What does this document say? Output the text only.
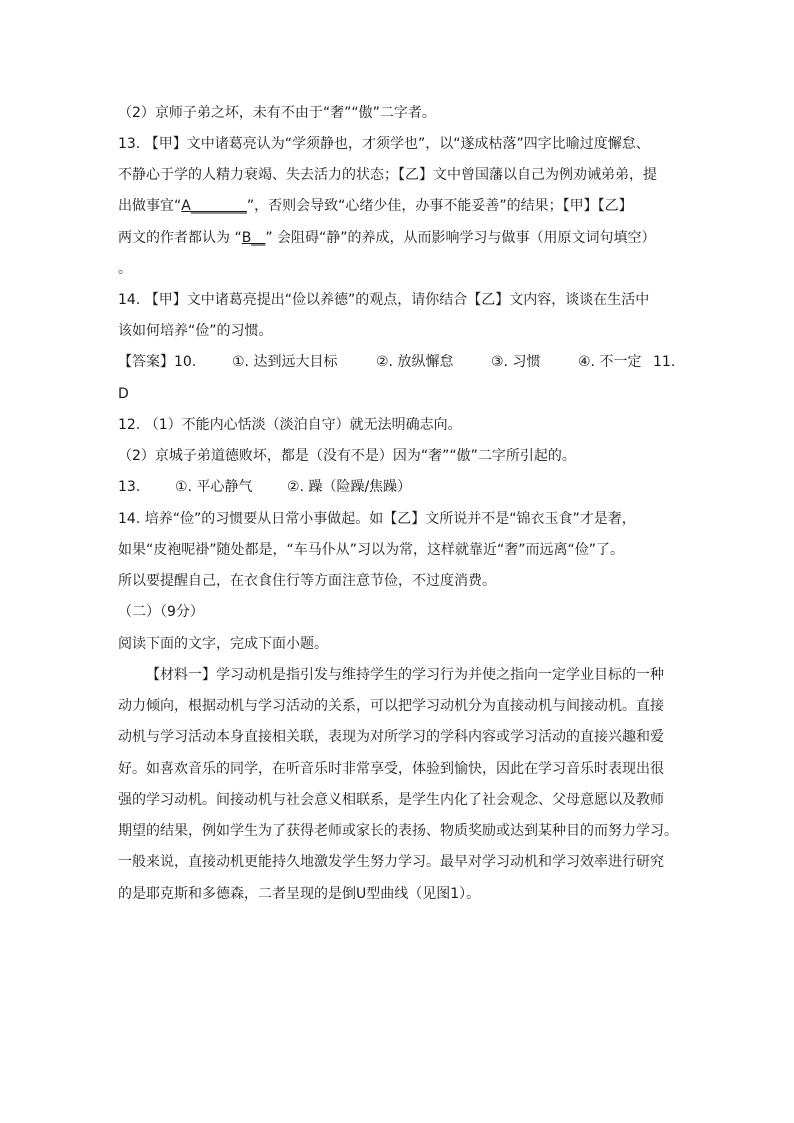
（2）京师子弟之坏，未有不由于“奢”“傲”二字者。
13. 【甲】文中诸葛亮认为“学须静也，才须学也”，以“遂成枯落”四字比喻过度懈怠、
不静心于学的人精力衰竭、失去活力的状态；【乙】文中曾国藩以自己为例劝诫弟弟，提
出做事宜“A________”，否则会导致“心绪少佳，办事不能妥善”的结果；【甲】【乙】
两文的作者都认为 “B__” 会阻碍“静”的养成，从而影响学习与做事（用原文词句填空）
。
14. 【甲】文中诸葛亮提出“俭以养德”的观点，请你结合【乙】文内容，谈谈在生活中
该如何培养“俭”的习惯。
【答案】10.	①. 达到远大目标	②. 放纵懈怠	③. 习惯	④. 不一定 11.
D
12. （1）不能内心恬淡（淡泊自守）就无法明确志向。
（2）京城子弟道德败坏，都是（没有不是）因为“奢”“傲”二字所引起的。
13. ①. 平心静气 ②. 躁（险躁/焦躁）
14. 培养“俭”的习惯要从日常小事做起。如【乙】文所说并不是“锦衣玉食”才是奢，
如果“皮袍呢褂”随处都是，“车马仆从”习以为常，这样就靠近“奢”而远离“俭”了。
所以要提醒自己，在衣食住行等方面注意节俭，不过度消费。
（二）（9分）
阅读下面的文字，完成下面小题。
【材料一】学习动机是指引发与维持学生的学习行为并使之指向一定学业目标的一种
动力倾向，根据动机与学习活动的关系，可以把学习动机分为直接动机与间接动机。直接
动机与学习活动本身直接相关联，表现为对所学习的学科内容或学习活动的直接兴趣和爱
好。如喜欢音乐的同学，在听音乐时非常享受，体验到愉快，因此在学习音乐时表现出很
强的学习动机。间接动机与社会意义相联系，是学生内化了社会观念、父母意愿以及教师
期望的结果，例如学生为了获得老师或家长的表扬、物质奖励或达到某种目的而努力学习。
一般来说，直接动机更能持久地激发学生努力学习。最早对学习动机和学习效率进行研究
的是耶克斯和多德森，二者呈现的是倒U型曲线（见图1）。
